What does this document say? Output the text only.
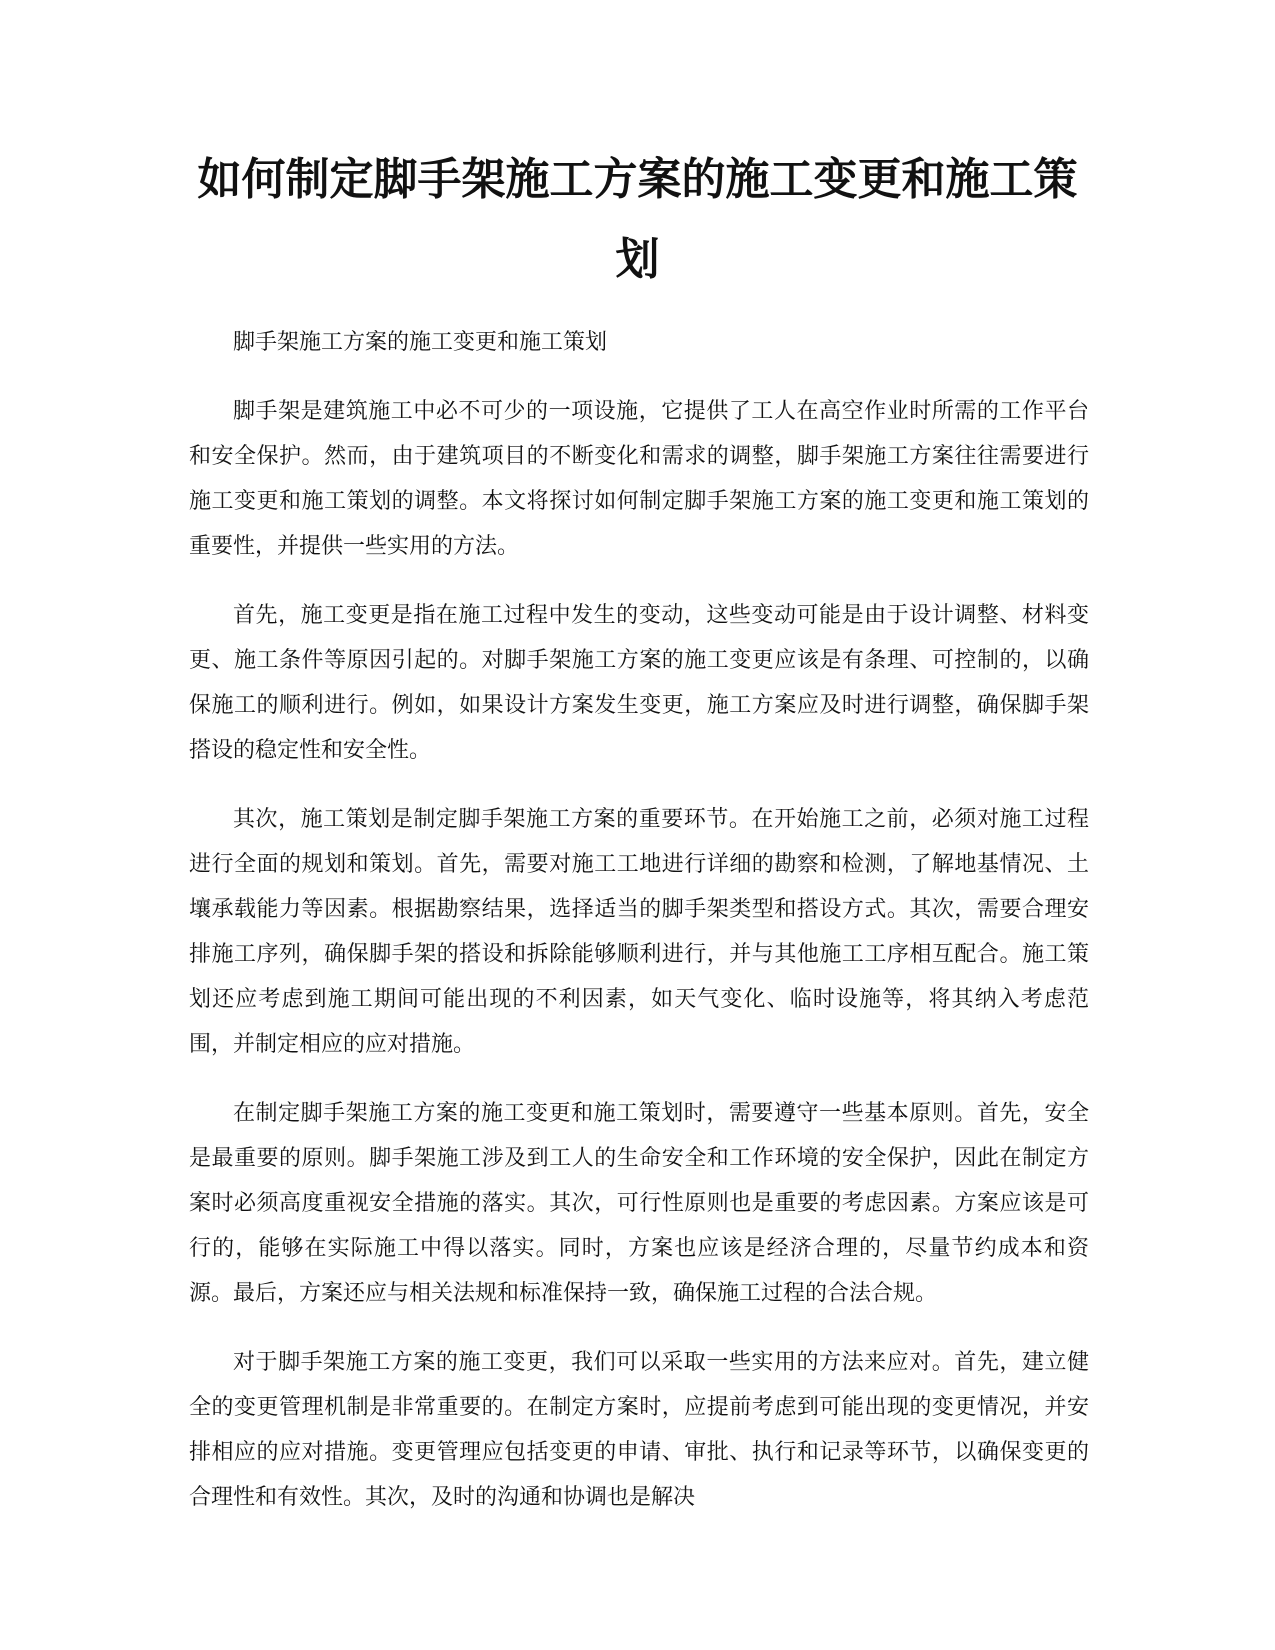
如何制定脚手架施工方案的施工变更和施工策划

脚手架施工方案的施工变更和施工策划

脚手架是建筑施工中必不可少的一项设施，它提供了工人在高空作业时所需的工作平台和安全保护。然而，由于建筑项目的不断变化和需求的调整，脚手架施工方案往往需要进行施工变更和施工策划的调整。本文将探讨如何制定脚手架施工方案的施工变更和施工策划的重要性，并提供一些实用的方法。

首先，施工变更是指在施工过程中发生的变动，这些变动可能是由于设计调整、材料变更、施工条件等原因引起的。对脚手架施工方案的施工变更应该是有条理、可控制的，以确保施工的顺利进行。例如，如果设计方案发生变更，施工方案应及时进行调整，确保脚手架搭设的稳定性和安全性。

其次，施工策划是制定脚手架施工方案的重要环节。在开始施工之前，必须对施工过程进行全面的规划和策划。首先，需要对施工工地进行详细的勘察和检测，了解地基情况、土壤承载能力等因素。根据勘察结果，选择适当的脚手架类型和搭设方式。其次，需要合理安排施工序列，确保脚手架的搭设和拆除能够顺利进行，并与其他施工工序相互配合。施工策划还应考虑到施工期间可能出现的不利因素，如天气变化、临时设施等，将其纳入考虑范围，并制定相应的应对措施。

在制定脚手架施工方案的施工变更和施工策划时，需要遵守一些基本原则。首先，安全是最重要的原则。脚手架施工涉及到工人的生命安全和工作环境的安全保护，因此在制定方案时必须高度重视安全措施的落实。其次，可行性原则也是重要的考虑因素。方案应该是可行的，能够在实际施工中得以落实。同时，方案也应该是经济合理的，尽量节约成本和资源。最后，方案还应与相关法规和标准保持一致，确保施工过程的合法合规。

对于脚手架施工方案的施工变更，我们可以采取一些实用的方法来应对。首先，建立健全的变更管理机制是非常重要的。在制定方案时，应提前考虑到可能出现的变更情况，并安排相应的应对措施。变更管理应包括变更的申请、审批、执行和记录等环节，以确保变更的合理性和有效性。其次，及时的沟通和协调也是解决
